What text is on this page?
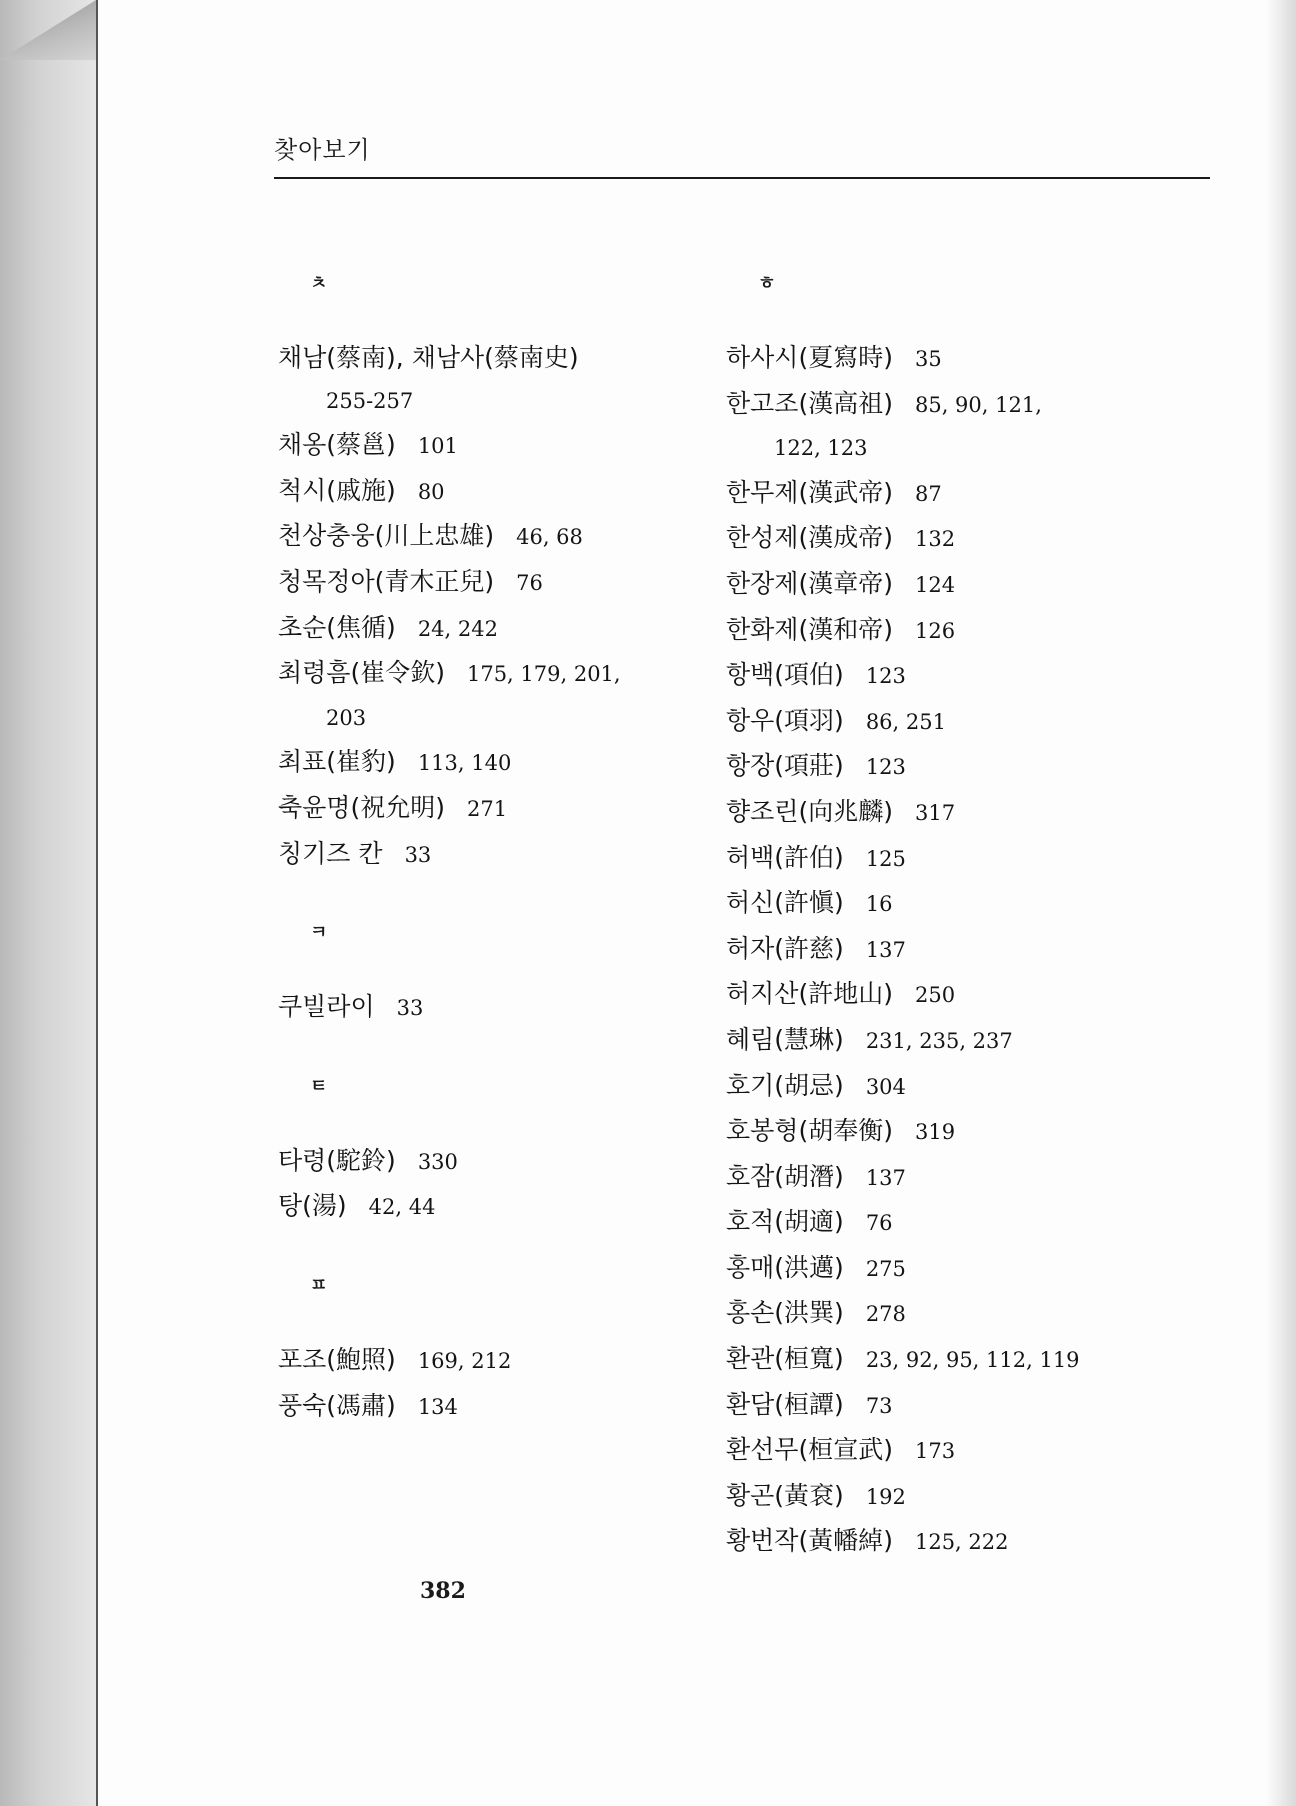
찾아보기
ㅊ
채남(蔡南), 채남사(蔡南史)
255-257
채옹(蔡邕) 101
척시(戚施) 80
천상충웅(川上忠雄) 46, 68
청목정아(青木正兒) 76
초순(焦循) 24, 242
최령흠(崔令欽) 175, 179, 201,
203
최표(崔豹) 113, 140
축윤명(祝允明) 271
칭기즈 칸 33
ㅋ
쿠빌라이 33
ㅌ
타령(駝鈴) 330
탕(湯) 42, 44
ㅍ
포조(鮑照) 169, 212
풍숙(馮肅) 134
ㅎ
하사시(夏寫時) 35
한고조(漢高祖) 85, 90, 121,
122, 123
한무제(漢武帝) 87
한성제(漢成帝) 132
한장제(漢章帝) 124
한화제(漢和帝) 126
항백(項伯) 123
항우(項羽) 86, 251
항장(項莊) 123
향조린(向兆麟) 317
허백(許伯) 125
허신(許愼) 16
허자(許慈) 137
허지산(許地山) 250
혜림(慧琳) 231, 235, 237
호기(胡忌) 304
호봉형(胡奉衡) 319
호잠(胡潛) 137
호적(胡適) 76
홍매(洪邁) 275
홍손(洪巽) 278
환관(桓寬) 23, 92, 95, 112, 119
환담(桓譚) 73
환선무(桓宣武) 173
황곤(黃袞) 192
황번작(黃幡綽) 125, 222
382
